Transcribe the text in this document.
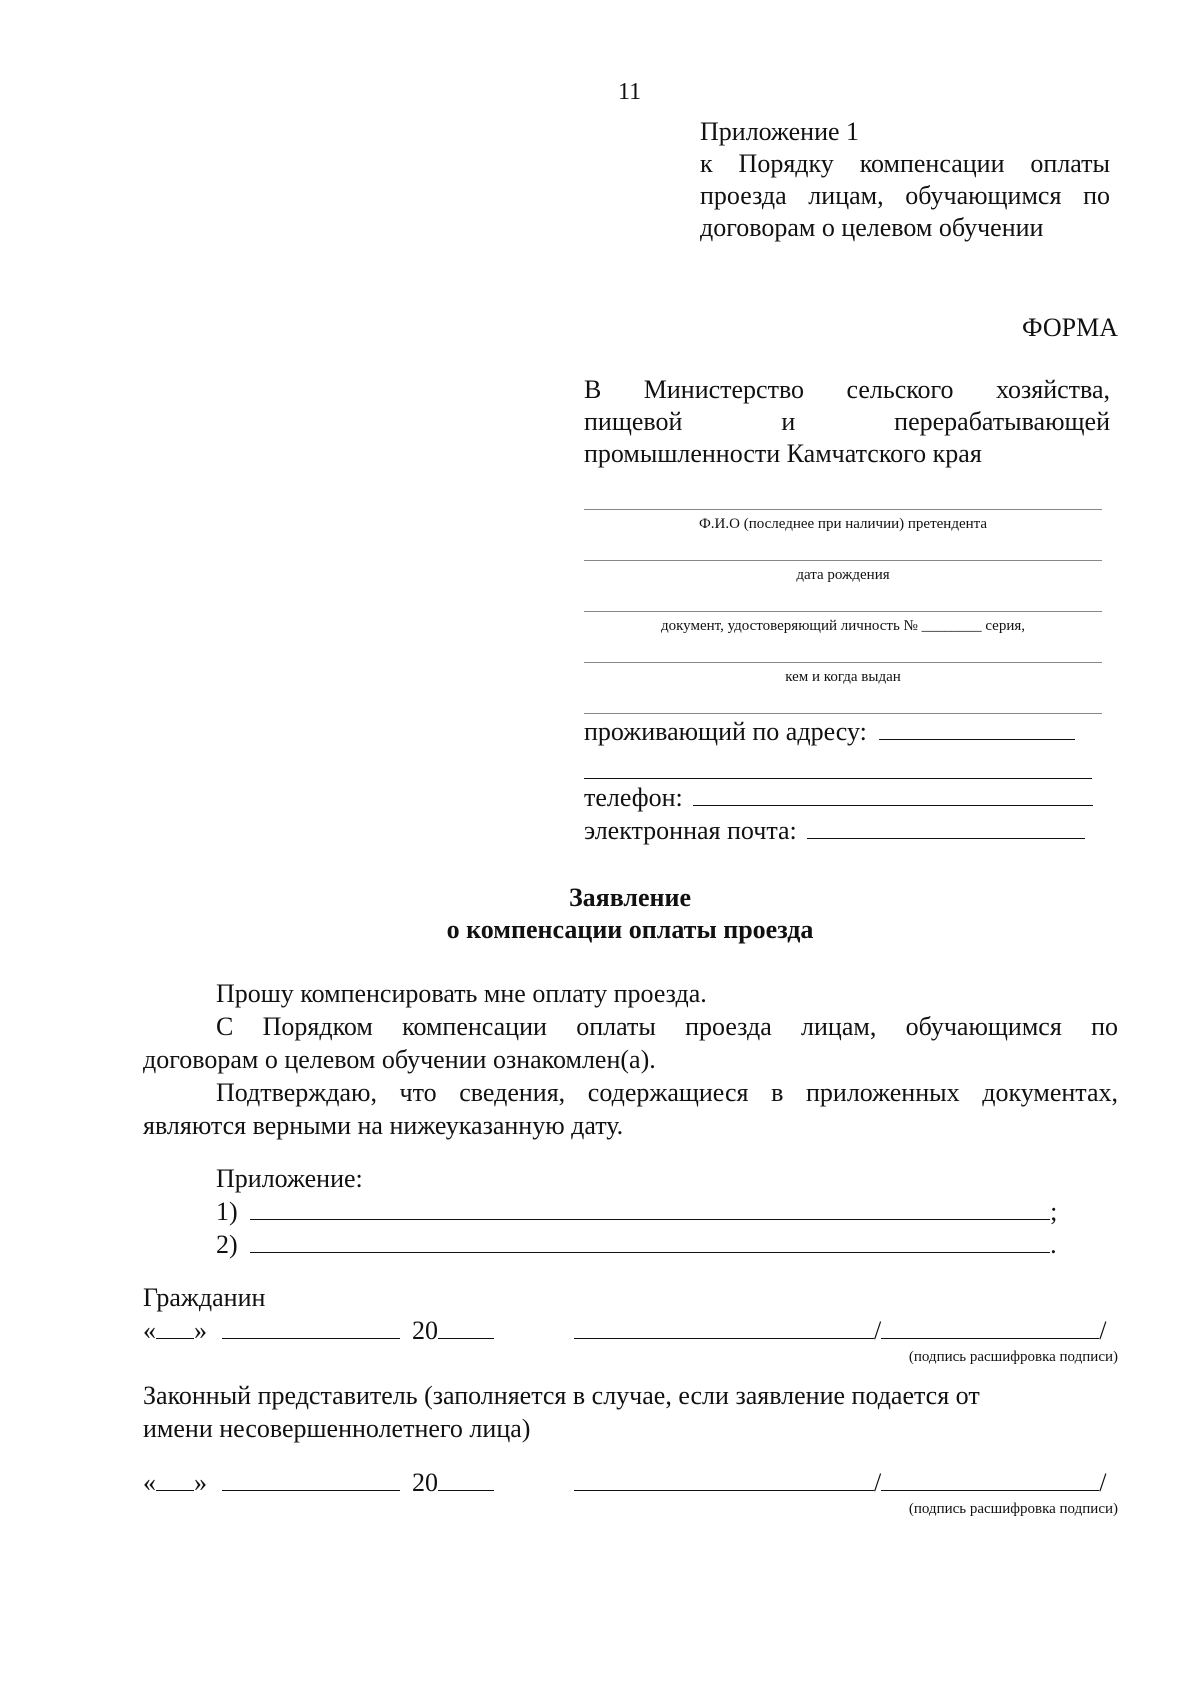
11
Приложение 1
к Порядку компенсации оплаты
проезда лицам, обучающимся по
договорам о целевом обучении
ФОРМА
В Министерство сельского хозяйства,
пищевой и перерабатывающей
промышленности Камчатского края
Ф.И.О (последнее при наличии) претендента
дата рождения
документ, удостоверяющий личность № ________ серия,
кем и когда выдан
проживающий по адресу:
телефон:
электронная почта:
Заявление
о компенсации оплаты проезда
Прошу компенсировать мне оплату проезда.
С Порядком компенсации оплаты проезда лицам, обучающимся по
договорам о целевом обучении ознакомлен(а).
Подтверждаю, что сведения, содержащиеся в приложенных документах,
являются верными на нижеуказанную дату.
Приложение:
1)	;
2)	.
Гражданин
« »	20	/	/
(подпись расшифровка подписи)
Законный представитель (заполняется в случае, если заявление подается от
имени несовершеннолетнего лица)
« »	20	/	/
(подпись расшифровка подписи)
